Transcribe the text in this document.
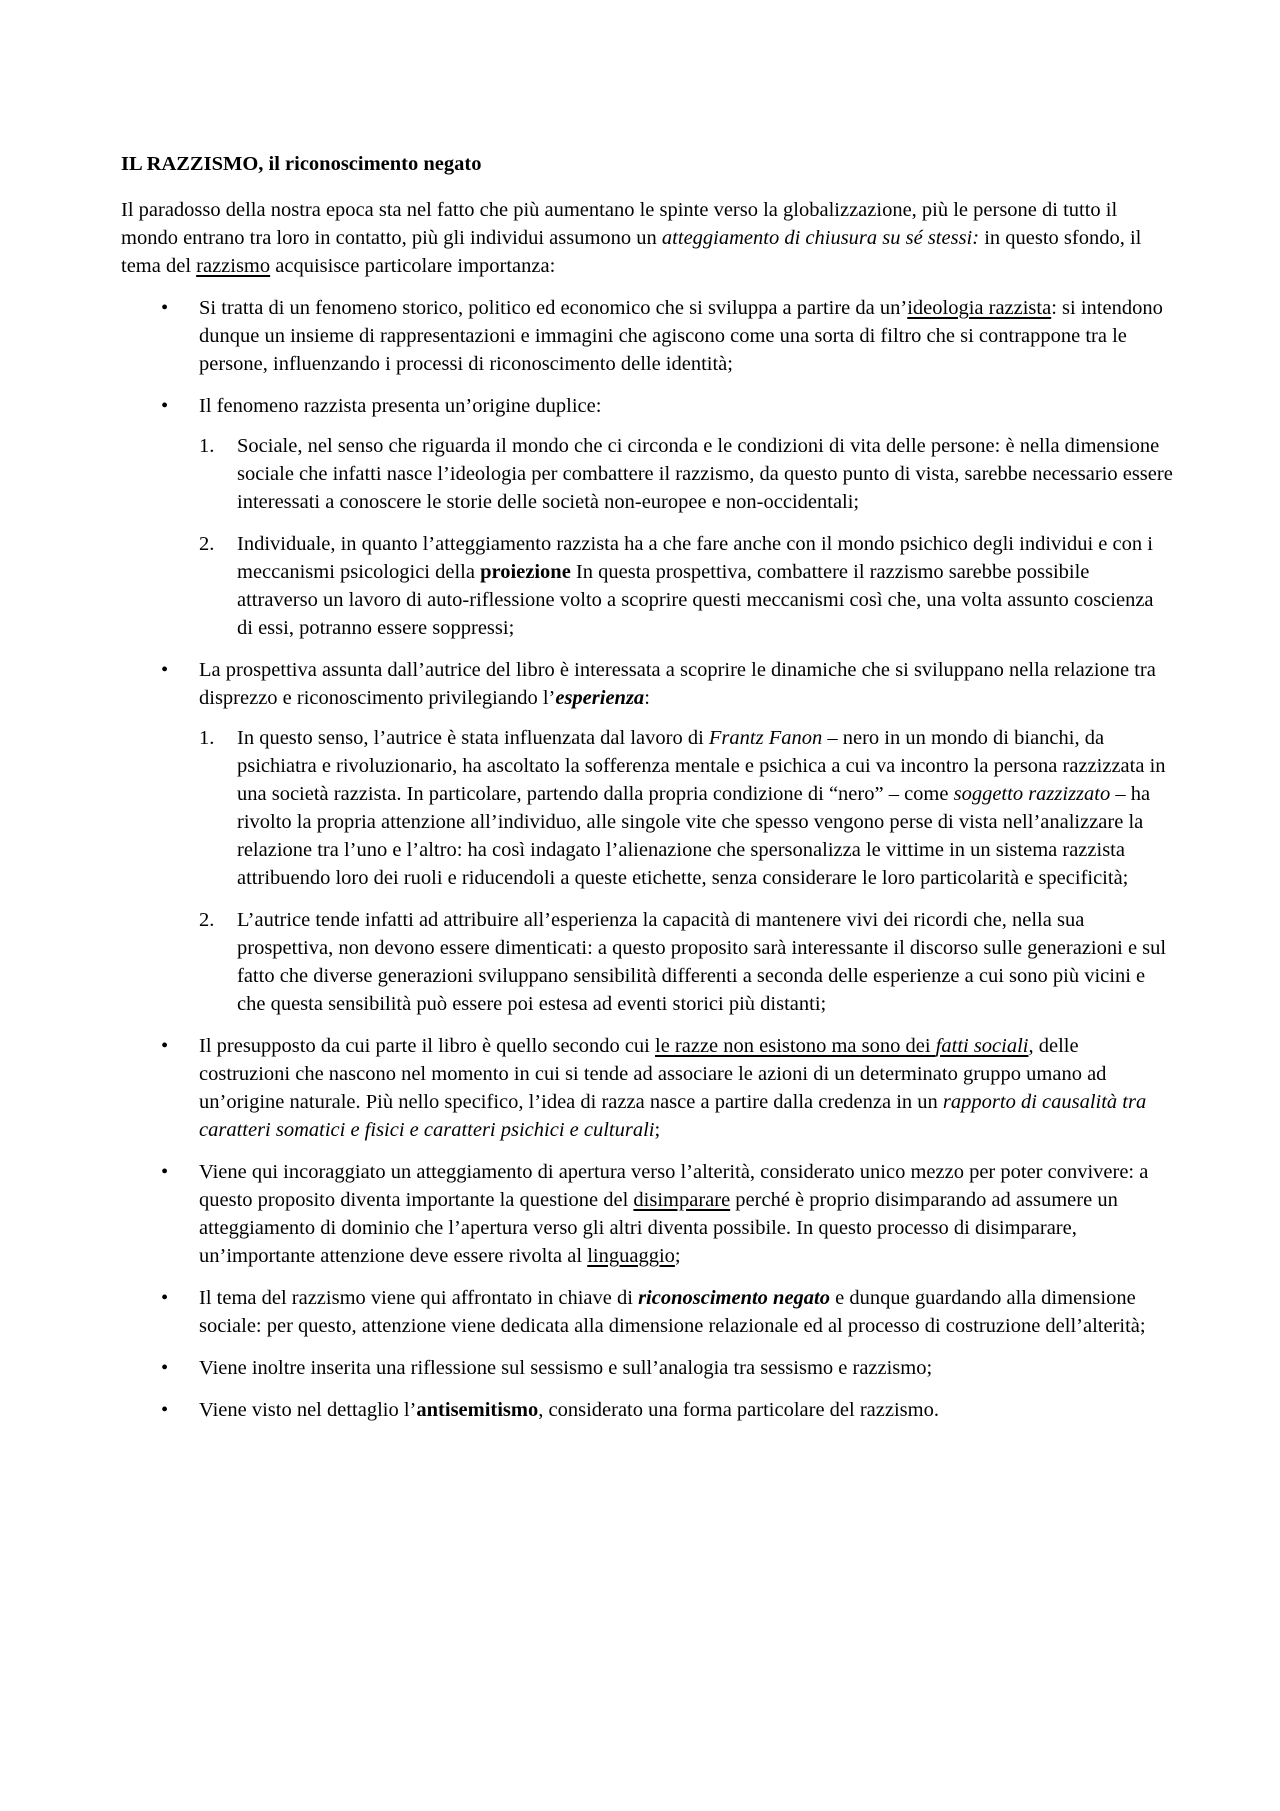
IL RAZZISMO, il riconoscimento negato

Il paradosso della nostra epoca sta nel fatto che più aumentano le spinte verso la globalizzazione, più le persone di tutto il mondo entrano tra loro in contatto, più gli individui assumono un atteggiamento di chiusura su sé stessi: in questo sfondo, il tema del razzismo acquisisce particolare importanza:

• Si tratta di un fenomeno storico, politico ed economico che si sviluppa a partire da un’ideologia razzista: si intendono dunque un insieme di rappresentazioni e immagini che agiscono come una sorta di filtro che si contrappone tra le persone, influenzando i processi di riconoscimento delle identità;
• Il fenomeno razzista presenta un’origine duplice:
1. Sociale, nel senso che riguarda il mondo che ci circonda e le condizioni di vita delle persone: è nella dimensione sociale che infatti nasce l’ideologia per combattere il razzismo, da questo punto di vista, sarebbe necessario essere interessati a conoscere le storie delle società non-europee e non-occidentali;
2. Individuale, in quanto l’atteggiamento razzista ha a che fare anche con il mondo psichico degli individui e con i meccanismi psicologici della proiezione In questa prospettiva, combattere il razzismo sarebbe possibile attraverso un lavoro di auto-riflessione volto a scoprire questi meccanismi così che, una volta assunto coscienza di essi, potranno essere soppressi;
• La prospettiva assunta dall’autrice del libro è interessata a scoprire le dinamiche che si sviluppano nella relazione tra disprezzo e riconoscimento privilegiando l’esperienza:
1. In questo senso, l’autrice è stata influenzata dal lavoro di Frantz Fanon – nero in un mondo di bianchi, da psichiatra e rivoluzionario, ha ascoltato la sofferenza mentale e psichica a cui va incontro la persona razzizzata in una società razzista. In particolare, partendo dalla propria condizione di “nero” – come soggetto razzizzato – ha rivolto la propria attenzione all’individuo, alle singole vite che spesso vengono perse di vista nell’analizzare la relazione tra l’uno e l’altro: ha così indagato l’alienazione che spersonalizza le vittime in un sistema razzista attribuendo loro dei ruoli e riducendoli a queste etichette, senza considerare le loro particolarità e specificità;
2. L’autrice tende infatti ad attribuire all’esperienza la capacità di mantenere vivi dei ricordi che, nella sua prospettiva, non devono essere dimenticati: a questo proposito sarà interessante il discorso sulle generazioni e sul fatto che diverse generazioni sviluppano sensibilità differenti a seconda delle esperienze a cui sono più vicini e che questa sensibilità può essere poi estesa ad eventi storici più distanti;
• Il presupposto da cui parte il libro è quello secondo cui le razze non esistono ma sono dei fatti sociali, delle costruzioni che nascono nel momento in cui si tende ad associare le azioni di un determinato gruppo umano ad un’origine naturale. Più nello specifico, l’idea di razza nasce a partire dalla credenza in un rapporto di causalità tra caratteri somatici e fisici e caratteri psichici e culturali;
• Viene qui incoraggiato un atteggiamento di apertura verso l’alterità, considerato unico mezzo per poter convivere: a questo proposito diventa importante la questione del disimparare perché è proprio disimparando ad assumere un atteggiamento di dominio che l’apertura verso gli altri diventa possibile. In questo processo di disimparare, un’importante attenzione deve essere rivolta al linguaggio;
• Il tema del razzismo viene qui affrontato in chiave di riconoscimento negato e dunque guardando alla dimensione sociale: per questo, attenzione viene dedicata alla dimensione relazionale ed al processo di costruzione dell’alterità;
• Viene inoltre inserita una riflessione sul sessismo e sull’analogia tra sessismo e razzismo;
• Viene visto nel dettaglio l’antisemitismo, considerato una forma particolare del razzismo.
